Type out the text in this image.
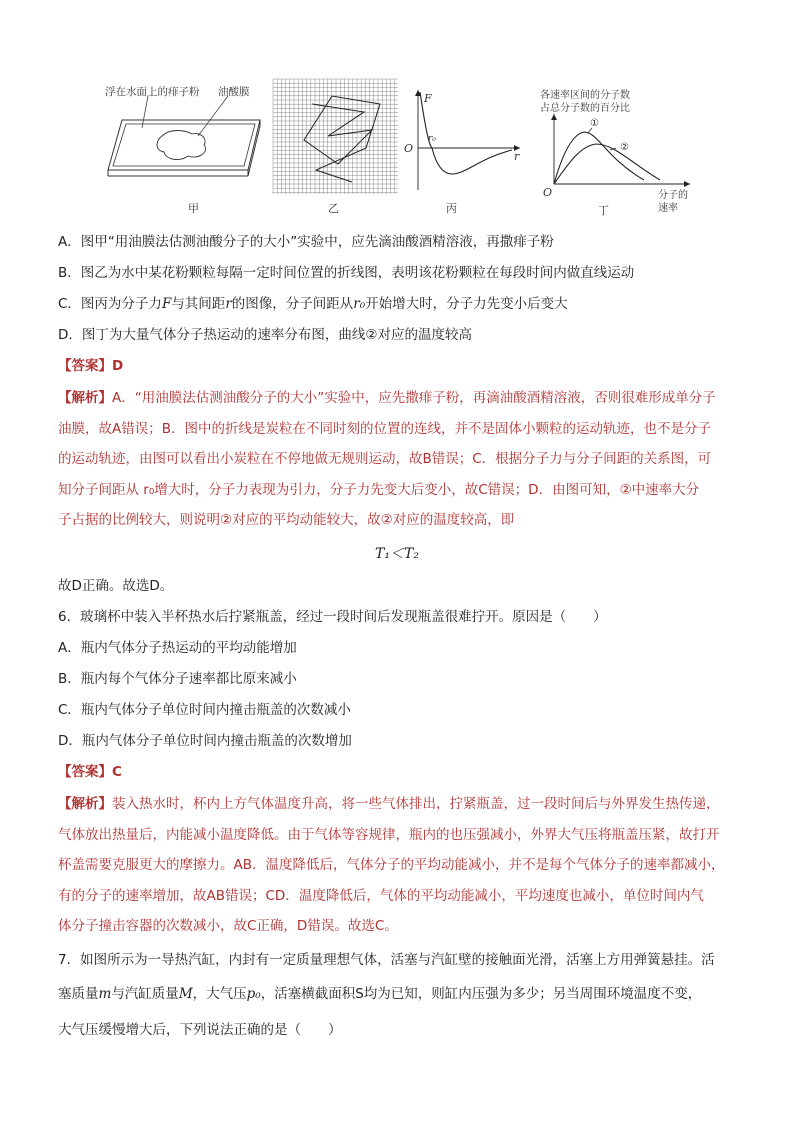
浮在水面上的痱子粉 油酸膜
甲	乙
F
O
r₀
r
丙
各速率区间的分子数
占总分子数的百分比
①
②
O	分子的
速率
丁
A．图甲“用油膜法估测油酸分子的大小”实验中，应先滴油酸酒精溶液，再撒痱子粉
B．图乙为水中某花粉颗粒每隔一定时间位置的折线图，表明该花粉颗粒在每段时间内做直线运动
C．图丙为分子力F与其间距r的图像，分子间距从r₀开始增大时，分子力先变小后变大
D．图丁为大量气体分子热运动的速率分布图，曲线②对应的温度较高
【答案】D
【解析】A．“用油膜法估测油酸分子的大小”实验中，应先撒痱子粉，再滴油酸酒精溶液，否则很难形成单分子
油膜，故A错误；B．图中的折线是炭粒在不同时刻的位置的连线，并不是固体小颗粒的运动轨迹，也不是分子
的运动轨迹，由图可以看出小炭粒在不停地做无规则运动，故B错误；C．根据分子力与分子间距的关系图，可
知分子间距从 r₀增大时，分子力表现为引力，分子力先变大后变小，故C错误；D．由图可知，②中速率大分
子占据的比例较大，则说明②对应的平均动能较大，故②对应的温度较高，即
T₁＜T₂
故D正确。故选D。
6．玻璃杯中装入半杯热水后拧紧瓶盖，经过一段时间后发现瓶盖很难拧开。原因是（　　）
A．瓶内气体分子热运动的平均动能增加
B．瓶内每个气体分子速率都比原来减小
C．瓶内气体分子单位时间内撞击瓶盖的次数减小
D．瓶内气体分子单位时间内撞击瓶盖的次数增加
【答案】C
【解析】装入热水时，杯内上方气体温度升高，将一些气体排出，拧紧瓶盖，过一段时间后与外界发生热传递，
气体放出热量后，内能减小温度降低。由于气体等容规律，瓶内的也压强减小，外界大气压将瓶盖压紧，故打开
杯盖需要克服更大的摩擦力。AB．温度降低后，气体分子的平均动能减小，并不是每个气体分子的速率都减小，
有的分子的速率增加，故AB错误；CD．温度降低后，气体的平均动能减小，平均速度也减小，单位时间内气
体分子撞击容器的次数减小，故C正确，D错误。故选C。
7．如图所示为一导热汽缸，内封有一定质量理想气体，活塞与汽缸壁的接触面光滑，活塞上方用弹簧悬挂。活
塞质量m与汽缸质量M，大气压p₀，活塞横截面积S均为已知，则缸内压强为多少；另当周围环境温度不变，
大气压缓慢增大后，下列说法正确的是（　　）
